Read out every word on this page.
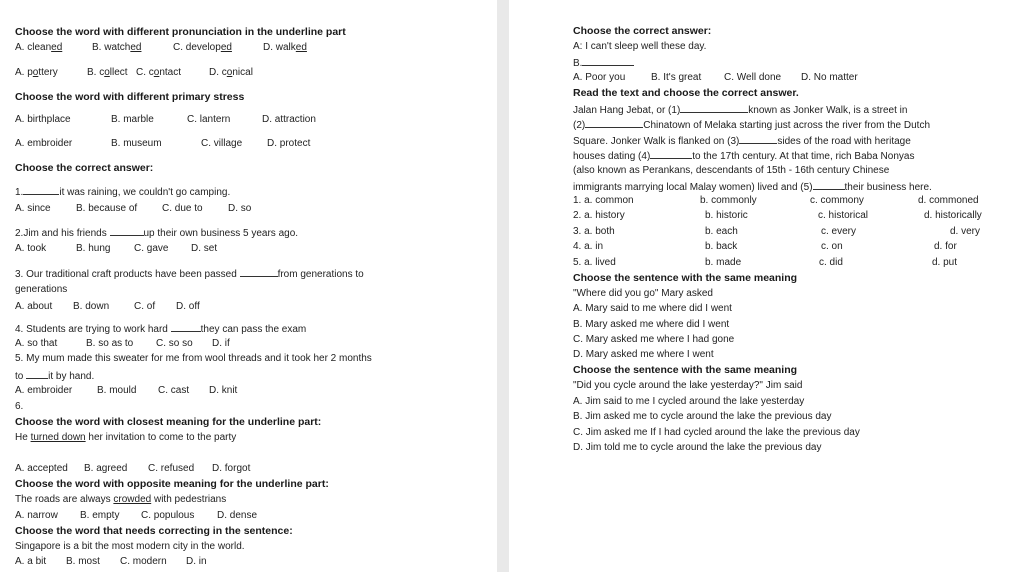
Choose the word with different pronunciation in the underline part
A. cleaned	B. watched	C. developed	D. walked
A. pottery	B. collect C. contact	D. conical
Choose the word with different primary stress
A. birthplace	B. marble	C. lantern	D. attraction
A. embroider	B. museum	C. village D. protect
Choose the correct answer:
1.	it was raining, we couldn't go camping.
A. since	B. because of C. due to	D. so
2.Jim and his friends	up their own business 5 years ago.
A. took	B. hung C. gave D. set
3. Our traditional craft products have been passed	from generations to
generations
A. about B. down C. of D. off
4. Students are trying to work hard	they can pass the exam
A. so that	B. so as to C. so so D. if
5. My mum made this sweater for me from wool threads and it took her 2 months
to it by hand.
A. embroider B. mould C. cast D. knit
6.
Choose the word with closest meaning for the underline part:
He turned down her invitation to come to the party
A. accepted B. agreed C. refused D. forgot
Choose the word with opposite meaning for the underline part:
The roads are always crowded with pedestrians
A. narrow B. empty C. populous D. dense
Choose the word that needs correcting in the sentence:
Singapore is a bit the most modern city in the world.
A. a bit B. most C. modern D. in
Choose the correct answer:
A: I can't sleep well these day.
B.
A. Poor you	B. It's great C. Well done D. No matter
Read the text and choose the correct answer.
Jalan Hang Jebat, or (1)	known as Jonker Walk, is a street in
(2)	Chinatown of Melaka starting just across the river from the Dutch
Square. Jonker Walk is flanked on (3)	sides of the road with heritage
houses dating (4)	to the 17th century. At that time, rich Baba Nonyas
(also known as Perankans, descendants of 15th - 16th century Chinese
immigrants marrying local Malay women) lived and (5)	their business here.
1. a. common	b. commonly	c. commony	d. commoned
2. a. history	b. historic	c. historical	d. historically
3. a. both	b. each	c. every	d. very
4. a. in	b. back	c. on	d. for
5. a. lived	b. made	c. did	d. put
Choose the sentence with the same meaning
"Where did you go" Mary asked
A. Mary said to me where did I went
B. Mary asked me where did I went
C. Mary asked me where I had gone
D. Mary asked me where I went
Choose the sentence with the same meaning
"Did you cycle around the lake yesterday?" Jim said
A. Jim said to me I cycled around the lake yesterday
B. Jim asked me to cycle around the lake the previous day
C. Jim asked me If I had cycled around the lake the previous day
D. Jim told me to cycle around the lake the previous day
